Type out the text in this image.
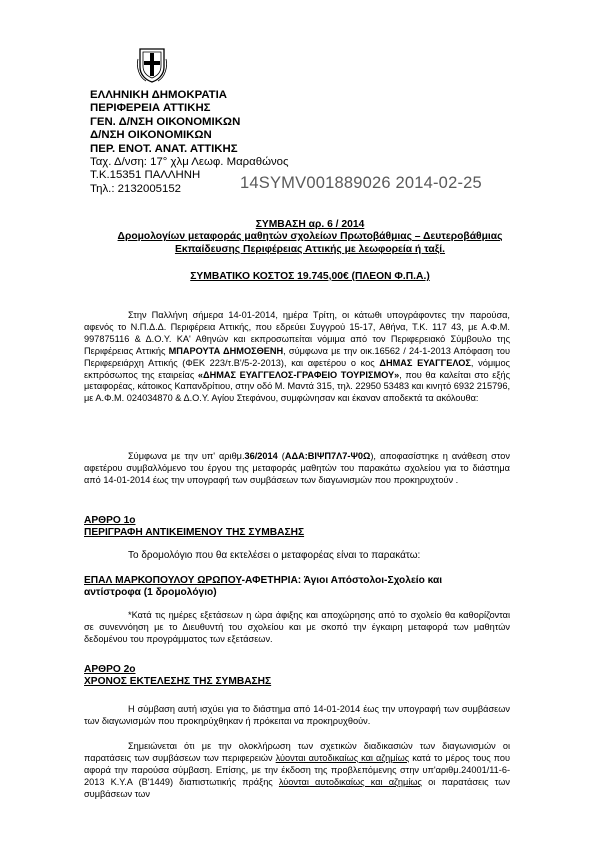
ΕΛΛΗΝΙΚΗ ΔΗΜΟΚΡΑΤΙΑ
ΠΕΡΙΦΕΡΕΙΑ ΑΤΤΙΚΗΣ
ΓΕΝ. Δ/ΝΣΗ ΟΙΚΟΝΟΜΙΚΩΝ
Δ/ΝΣΗ ΟΙΚΟΝΟΜΙΚΩΝ
ΠΕΡ. ΕΝΟΤ. ΑΝΑΤ. ΑΤΤΙΚΗΣ
Ταχ. Δ/νση: 17° χλμ Λεωφ. Μαραθώνος
Τ.Κ.15351 ΠΑΛΛΗΝΗ
Τηλ.: 2132005152	14SYMV001889026 2014-02-25
ΣΥΜΒΑΣΗ αρ. 6 / 2014
Δρομολογίων μεταφοράς μαθητών σχολείων Πρωτοβάθμιας – Δευτεροβάθμιας
Εκπαίδευσης Περιφέρειας Αττικής με λεωφορεία ή ταξί.
ΣΥΜΒΑΤΙΚΟ ΚΟΣΤΟΣ 19.745,00€ (ΠΛΕΟΝ Φ.Π.Α.)
Στην Παλλήνη σήμερα 14-01-2014, ημέρα Τρίτη, οι κάτωθι υπογράφοντες την παρούσα, αφενός το Ν.Π.Δ.Δ. Περιφέρεια Αττικής, που εδρεύει Συγγρού 15-17, Αθήνα, Τ.Κ. 117 43, με Α.Φ.Μ. 997875116 & Δ.Ο.Υ. ΚΑ' Αθηνών και εκπροσωπείται νόμιμα από τον Περιφερειακό Σύμβουλο της Περιφέρειας Αττικής ΜΠΑΡΟΥΤΑ ΔΗΜΟΣΘΕΝΗ, σύμφωνα με την οικ.16562 / 24-1-2013 Απόφαση του Περιφερειάρχη Αττικής (ΦΕΚ 223/τ.Β'/5-2-2013), και αφετέρου ο κος ΔΗΜΑΣ ΕΥΑΓΓΕΛΟΣ, νόμιμος εκπρόσωπος της εταιρείας «ΔΗΜΑΣ ΕΥΑΓΓΕΛΟΣ-ΓΡΑΦΕΙΟ ΤΟΥΡΙΣΜΟΥ», που θα καλείται στο εξής μεταφορέας, κάτοικος Καπανδρίτιου, στην οδό Μ. Μαντά 315, τηλ. 22950 53483 και κινητό 6932 215796, με Α.Φ.Μ. 024034870 & Δ.Ο.Υ. Αγίου Στεφάνου, συμφώνησαν και έκαναν αποδεκτά τα ακόλουθα:
Σύμφωνα με την υπ' αριθμ.36/2014 (ΑΔΑ:ΒΙΨΠ7Λ7-Ψ0Ω), αποφασίστηκε η ανάθεση στον αφετέρου συμβαλλόμενο του έργου της μεταφοράς μαθητών του παρακάτω σχολείου για το διάστημα από 14-01-2014 έως την υπογραφή των συμβάσεων των διαγωνισμών που προκηρυχτούν .
ΑΡΘΡΟ 1ο
ΠΕΡΙΓΡΑΦΗ ΑΝΤΙΚΕΙΜΕΝΟΥ ΤΗΣ ΣΥΜΒΑΣΗΣ
Το δρομολόγιο που θα εκτελέσει ο μεταφορέας είναι το παρακάτω:
ΕΠΑΛ ΜΑΡΚΟΠΟΥΛΟΥ ΩΡΩΠΟΥ-ΑΦΕΤΗΡΙΑ: Άγιοι Απόστολοι-Σχολείο και αντίστροφα (1 δρομολόγιο)
*Κατά τις ημέρες εξετάσεων η ώρα άφιξης και αποχώρησης από το σχολείο θα καθορίζονται σε συνεννόηση με το Διευθυντή του σχολείου και με σκοπό την έγκαιρη μεταφορά των μαθητών δεδομένου του προγράμματος των εξετάσεων.
ΑΡΘΡΟ 2ο
ΧΡΟΝΟΣ ΕΚΤΕΛΕΣΗΣ ΤΗΣ ΣΥΜΒΑΣΗΣ
Η σύμβαση αυτή ισχύει για το διάστημα από 14-01-2014 έως την υπογραφή των συμβάσεων των διαγωνισμών που προκηρύχθηκαν ή πρόκειται να προκηρυχθούν.
Σημειώνεται ότι με την ολοκλήρωση των σχετικών διαδικασιών των διαγωνισμών οι παρατάσεις των συμβάσεων των περιφερειών λύονται αυτοδικαίως και αζημίως κατά το μέρος τους που αφορά την παρούσα σύμβαση. Επίσης, με την έκδοση της προβλεπόμενης στην υπ'αριθμ.24001/11-6-2013 Κ.Υ.Α (Β'1449) διαπιστωτικής πράξης λύονται αυτοδικαίως και αζημίως οι παρατάσεις των συμβάσεων των
